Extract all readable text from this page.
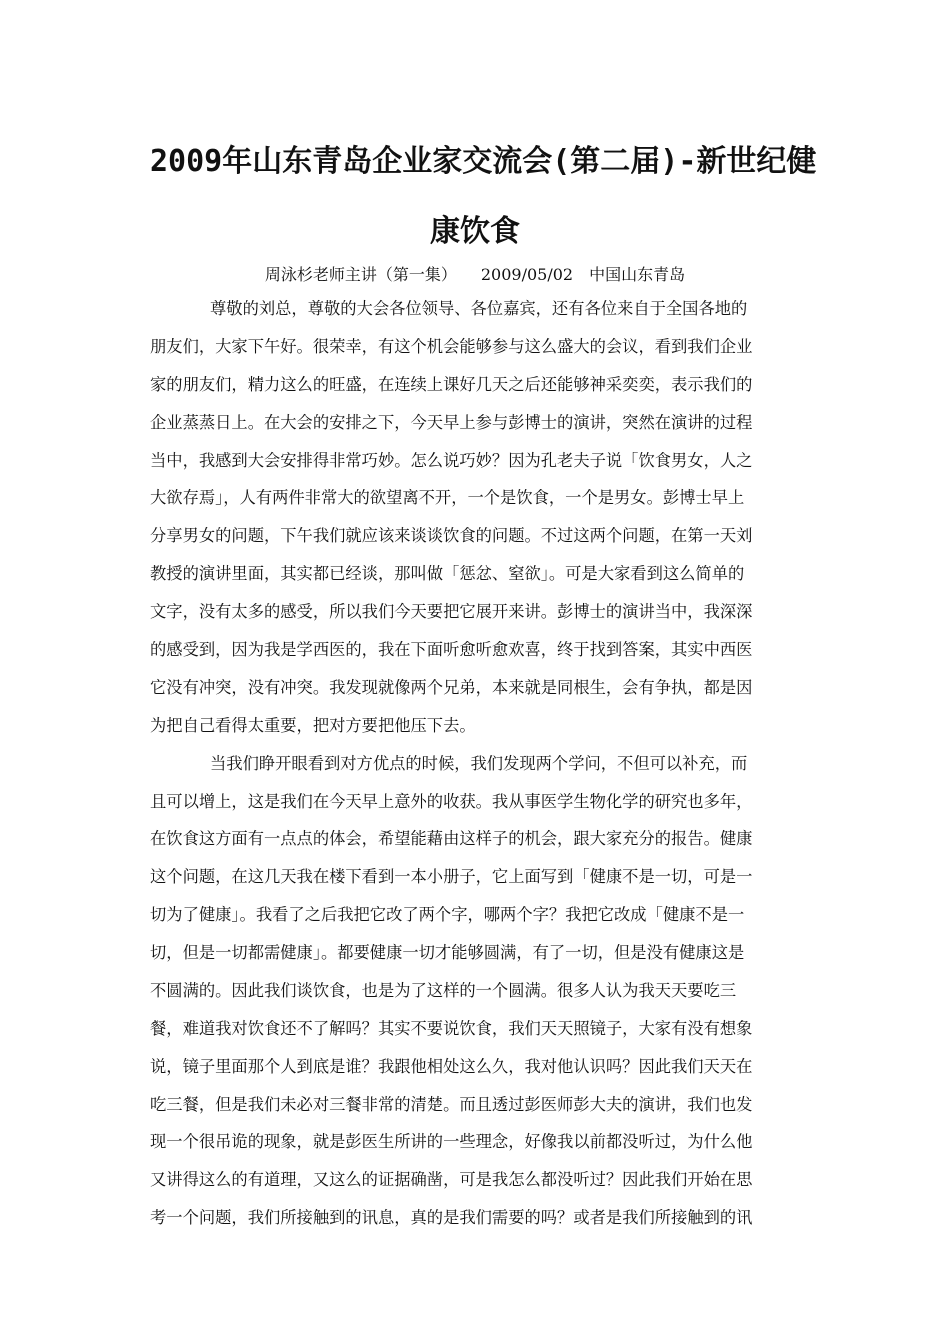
2009年山东青岛企业家交流会(第二届)-新世纪健
康饮食
周泳杉老师主讲（第一集）　　2009/05/02　中国山东青岛
尊敬的刘总，尊敬的大会各位领导、各位嘉宾，还有各位来自于全国各地的
朋友们，大家下午好。很荣幸，有这个机会能够参与这么盛大的会议，看到我们企业
家的朋友们，精力这么的旺盛，在连续上课好几天之后还能够神采奕奕，表示我们的
企业蒸蒸日上。在大会的安排之下，今天早上参与彭博士的演讲，突然在演讲的过程
当中，我感到大会安排得非常巧妙。怎么说巧妙？因为孔老夫子说「饮食男女，人之
大欲存焉」，人有两件非常大的欲望离不开，一个是饮食，一个是男女。彭博士早上
分享男女的问题，下午我们就应该来谈谈饮食的问题。不过这两个问题，在第一天刘
教授的演讲里面，其实都已经谈，那叫做「惩忿、窒欲」。可是大家看到这么简单的
文字，没有太多的感受，所以我们今天要把它展开来讲。彭博士的演讲当中，我深深
的感受到，因为我是学西医的，我在下面听愈听愈欢喜，终于找到答案，其实中西医
它没有冲突，没有冲突。我发现就像两个兄弟，本来就是同根生，会有争执，都是因
为把自己看得太重要，把对方要把他压下去。
当我们睁开眼看到对方优点的时候，我们发现两个学问，不但可以补充，而
且可以增上，这是我们在今天早上意外的收获。我从事医学生物化学的研究也多年，
在饮食这方面有一点点的体会，希望能藉由这样子的机会，跟大家充分的报告。健康
这个问题，在这几天我在楼下看到一本小册子，它上面写到「健康不是一切，可是一
切为了健康」。我看了之后我把它改了两个字，哪两个字？我把它改成「健康不是一
切，但是一切都需健康」。都要健康一切才能够圆满，有了一切，但是没有健康这是
不圆满的。因此我们谈饮食，也是为了这样的一个圆满。很多人认为我天天要吃三
餐，难道我对饮食还不了解吗？其实不要说饮食，我们天天照镜子，大家有没有想象
说，镜子里面那个人到底是谁？我跟他相处这么久，我对他认识吗？因此我们天天在
吃三餐，但是我们未必对三餐非常的清楚。而且透过彭医师彭大夫的演讲，我们也发
现一个很吊诡的现象，就是彭医生所讲的一些理念，好像我以前都没听过，为什么他
又讲得这么的有道理，又这么的证据确凿，可是我怎么都没听过？因此我们开始在思
考一个问题，我们所接触到的讯息，真的是我们需要的吗？或者是我们所接触到的讯
